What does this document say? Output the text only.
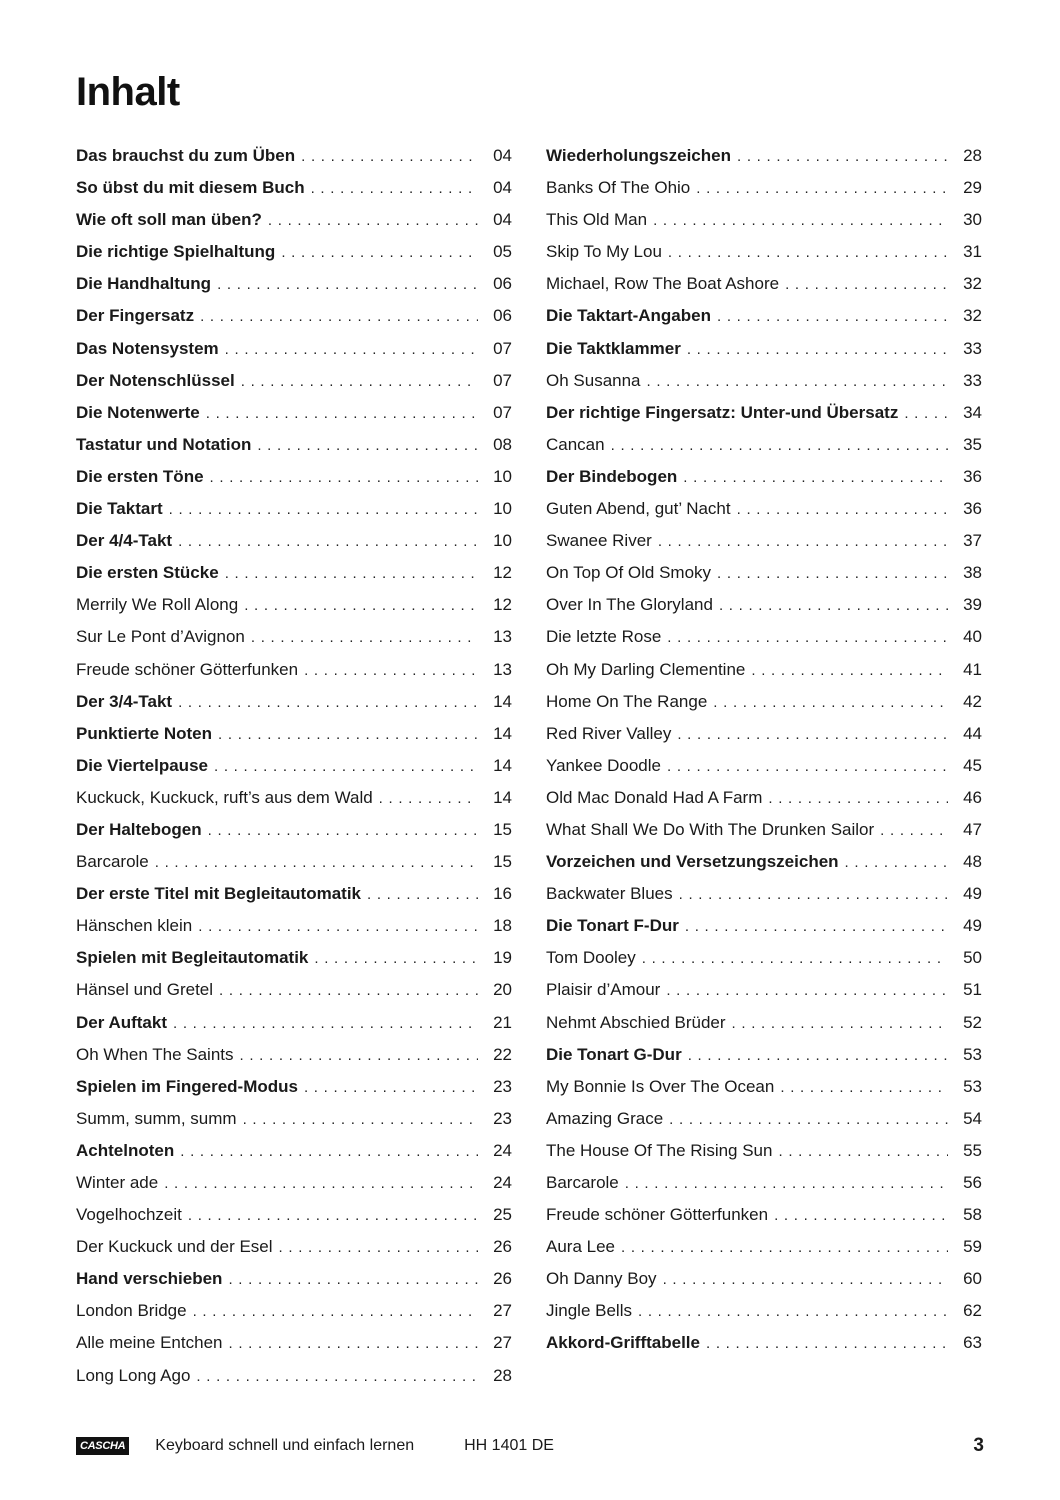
Inhalt
Das brauchst du zum Üben . . .	04
So übst du mit diesem Buch . . .	04
Wie oft soll man üben? . . .	04
Die richtige Spielhaltung . . .	05
Die Handhaltung . . .	06
Der Fingersatz . . .	06
Das Notensystem . . .	07
Der Notenschlüssel . . .	07
Die Notenwerte . . .	07
Tastatur und Notation . . .	08
Die ersten Töne . . .	10
Die Taktart . . .	10
Der 4/4-Takt . . .	10
Die ersten Stücke . . .	12
Merrily We Roll Along . . .	12
Sur Le Pont d’Avignon . . .	13
Freude schöner Götterfunken . . .	13
Der 3/4-Takt . . .	14
Punktierte Noten . . .	14
Die Viertelpause . . .	14
Kuckuck, Kuckuck, ruft’s aus dem Wald . . .	14
Der Haltebogen . . .	15
Barcarole . . .	15
Der erste Titel mit Begleitautomatik . . .	16
Hänschen klein . . .	18
Spielen mit Begleitautomatik . . .	19
Hänsel und Gretel . . .	20
Der Auftakt . . .	21
Oh When The Saints . . .	22
Spielen im Fingered-Modus . . .	23
Summ, summ, summ . . .	23
Achtelnoten . . .	24
Winter ade . . .	24
Vogelhochzeit . . .	25
Der Kuckuck und der Esel . . .	26
Hand verschieben . . .	26
London Bridge . . .	27
Alle meine Entchen . . .	27
Long Long Ago . . .	28
Wiederholungszeichen . . .	28
Banks Of The Ohio . . .	29
This Old Man . . .	30
Skip To My Lou . . .	31
Michael, Row The Boat Ashore . . .	32
Die Taktart-Angaben . . .	32
Die Taktklammer . . .	33
Oh Susanna . . .	33
Der richtige Fingersatz: Unter-und Übersatz . . .	34
Cancan . . .	35
Der Bindebogen . . .	36
Guten Abend, gut’ Nacht . . .	36
Swanee River . . .	37
On Top Of Old Smoky . . .	38
Over In The Gloryland . . .	39
Die letzte Rose . . .	40
Oh My Darling Clementine . . .	41
Home On The Range . . .	42
Red River Valley . . .	44
Yankee Doodle . . .	45
Old Mac Donald Had A Farm . . .	46
What Shall We Do With The Drunken Sailor . . .	47
Vorzeichen und Versetzungszeichen . . .	48
Backwater Blues . . .	49
Die Tonart F-Dur . . .	49
Tom Dooley . . .	50
Plaisir d’Amour . . .	51
Nehmt Abschied Brüder . . .	52
Die Tonart G-Dur . . .	53
My Bonnie Is Over The Ocean . . .	53
Amazing Grace . . .	54
The House Of The Rising Sun . . .	55
Barcarole . . .	56
Freude schöner Götterfunken . . .	58
Aura Lee . . .	59
Oh Danny Boy . . .	60
Jingle Bells . . .	62
Akkord-Grifftabelle . . .	63
CASCHA Keyboard schnell und einfach lernen	HH 1401 DE	3
